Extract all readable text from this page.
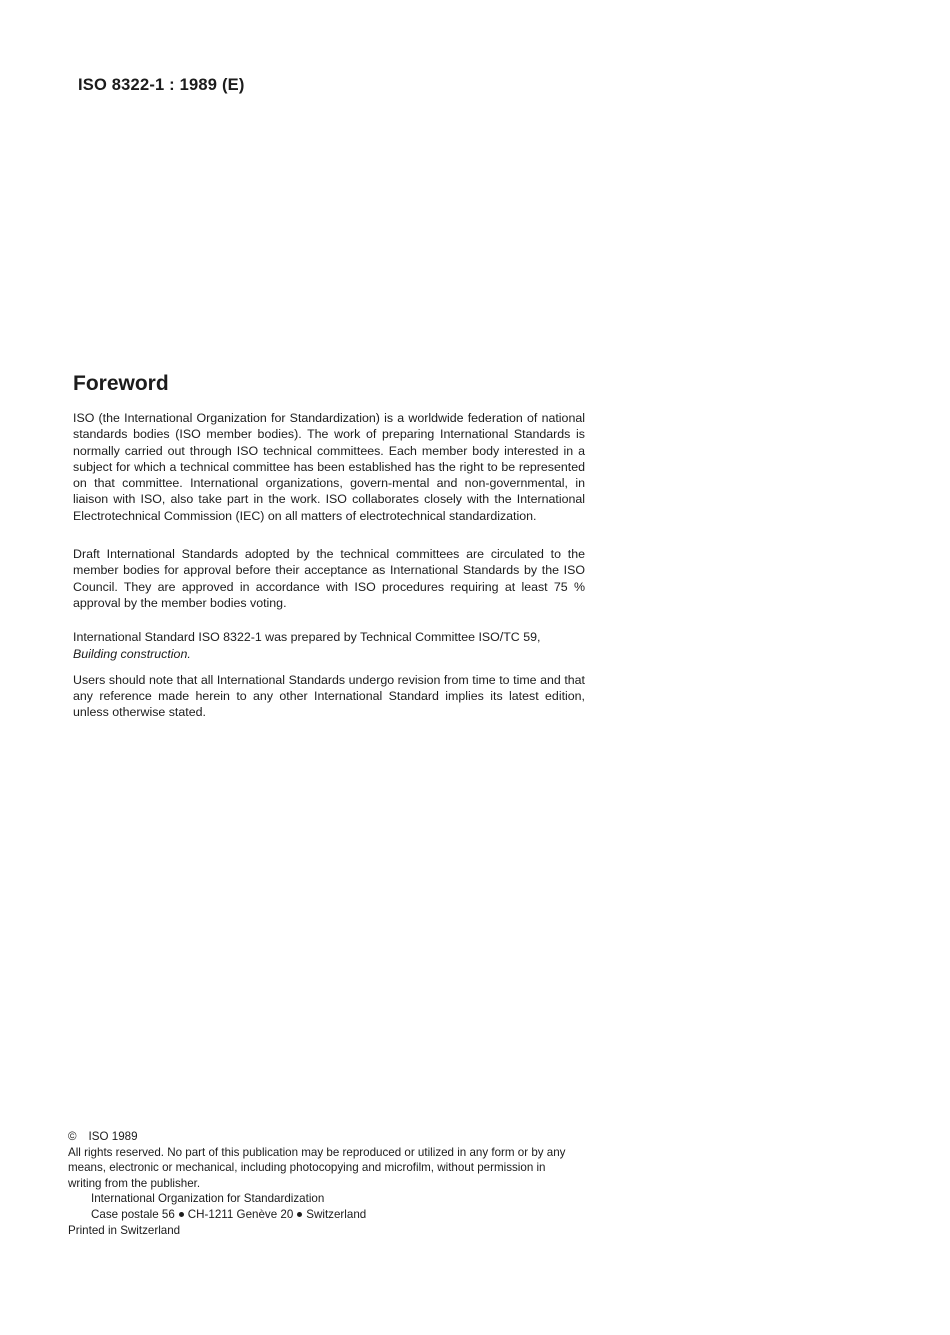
ISO 8322-1 : 1989 (E)
Foreword

ISO (the International Organization for Standardization) is a worldwide federation of national standards bodies (ISO member bodies). The work of preparing International Standards is normally carried out through ISO technical committees. Each member body interested in a subject for which a technical committee has been established has the right to be represented on that committee. International organizations, govern-mental and non-governmental, in liaison with ISO, also take part in the work. ISO collaborates closely with the International Electrotechnical Commission (IEC) on all matters of electrotechnical standardization.

Draft International Standards adopted by the technical committees are circulated to the member bodies for approval before their acceptance as International Standards by the ISO Council. They are approved in accordance with ISO procedures requiring at least 75 % approval by the member bodies voting.

International Standard ISO 8322-1 was prepared by Technical Committee ISO/TC 59,
Building construction.

Users should note that all International Standards undergo revision from time to time and that any reference made herein to any other International Standard implies its latest edition, unless otherwise stated.

© ISO 1989

All rights reserved. No part of this publication may be reproduced or utilized in any form or by any means, electronic or mechanical, including photocopying and microfilm, without permission in writing from the publisher.

International Organization for Standardization

Case postale 56 CH-1211 Genève 20 Switzerland

Printed in Switzerland
